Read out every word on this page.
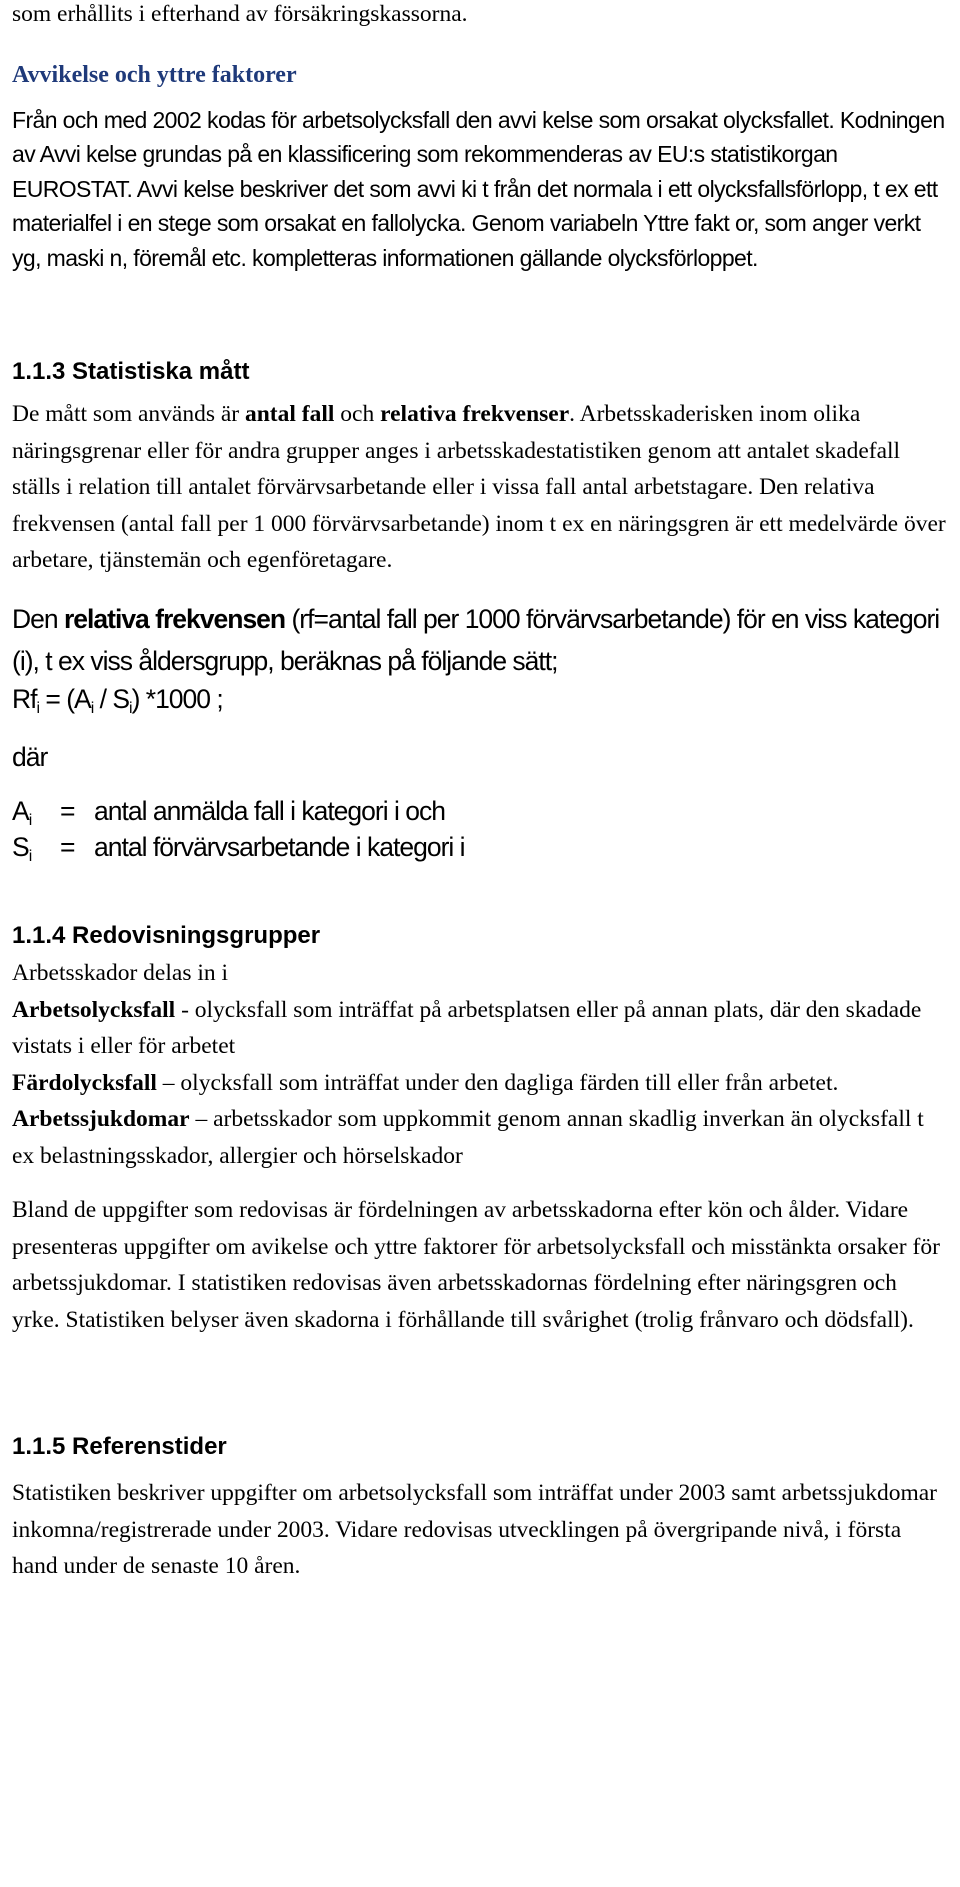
som erhållits i efterhand av försäkringskassorna.

Avvikelse och yttre faktorer

Från och med 2002 kodas för arbetsolycksfall den avvi kelse som orsakat olycksfallet. Kodningen av Avvi kelse grundas på en klassificering som rekommenderas av EU:s statistikorgan EUROSTAT. Avvi kelse beskriver det som avvi ki t från det normala i ett olycksfallsförlopp, t ex ett materialfel i en stege som orsakat en fallolycka. Genom variabeln Yttre fakt or, som anger verkt yg, maski n, föremål etc. kompletteras informationen gällande olycksförloppet.

1.1.3 Statistiska mått

De mått som används är antal fall och relativa frekvenser. Arbetsskaderisken inom olika näringsgrenar eller för andra grupper anges i arbetsskadestatistiken genom att antalet skadefall ställs i relation till antalet förvärvsarbetande eller i vissa fall antal arbetstagare. Den relativa frekvensen (antal fall per 1 000 förvärvsarbetande) inom t ex en näringsgren är ett medelvärde över arbetare, tjänstemän och egenföretagare.

Den relativa frekvensen (rf=antal fall per 1000 förvärvsarbetande) för en viss kategori (i), t ex viss åldersgrupp, beräknas på följande sätt;

$Rf_i = (A_i / S_i)$ *1000 ;

där

$A_i$	= antal anmälda fall i kategori i och
$S_i$	= antal förvärvsarbetande i kategori i

1.1.4 Redovisningsgrupper

Arbetsskador delas in i

Arbetsolycksfall - olycksfall som inträffat på arbetsplatsen eller på annan plats, där den skadade vistats i eller för arbetet

Färdolycksfall – olycksfall som inträffat under den dagliga färden till eller från arbetet.

Arbetssjukdomar – arbetsskador som uppkommit genom annan skadlig inverkan än olycksfall t ex belastningsskador, allergier och hörselskador

Bland de uppgifter som redovisas är fördelningen av arbetsskadorna efter kön och ålder. Vidare presenteras uppgifter om avikelse och yttre faktorer för arbetsolycksfall och misstänkta orsaker för arbetssjukdomar. I statistiken redovisas även arbetsskadornas fördelning efter näringsgren och yrke. Statistiken belyser även skadorna i förhållande till svårighet (trolig frånvaro och dödsfall).

1.1.5 Referenstider

Statistiken beskriver uppgifter om arbetsolycksfall som inträffat under 2003 samt arbetssjukdomar inkomna/registrerade under 2003. Vidare redovisas utvecklingen på övergripande nivå, i första hand under de senaste 10 åren.
